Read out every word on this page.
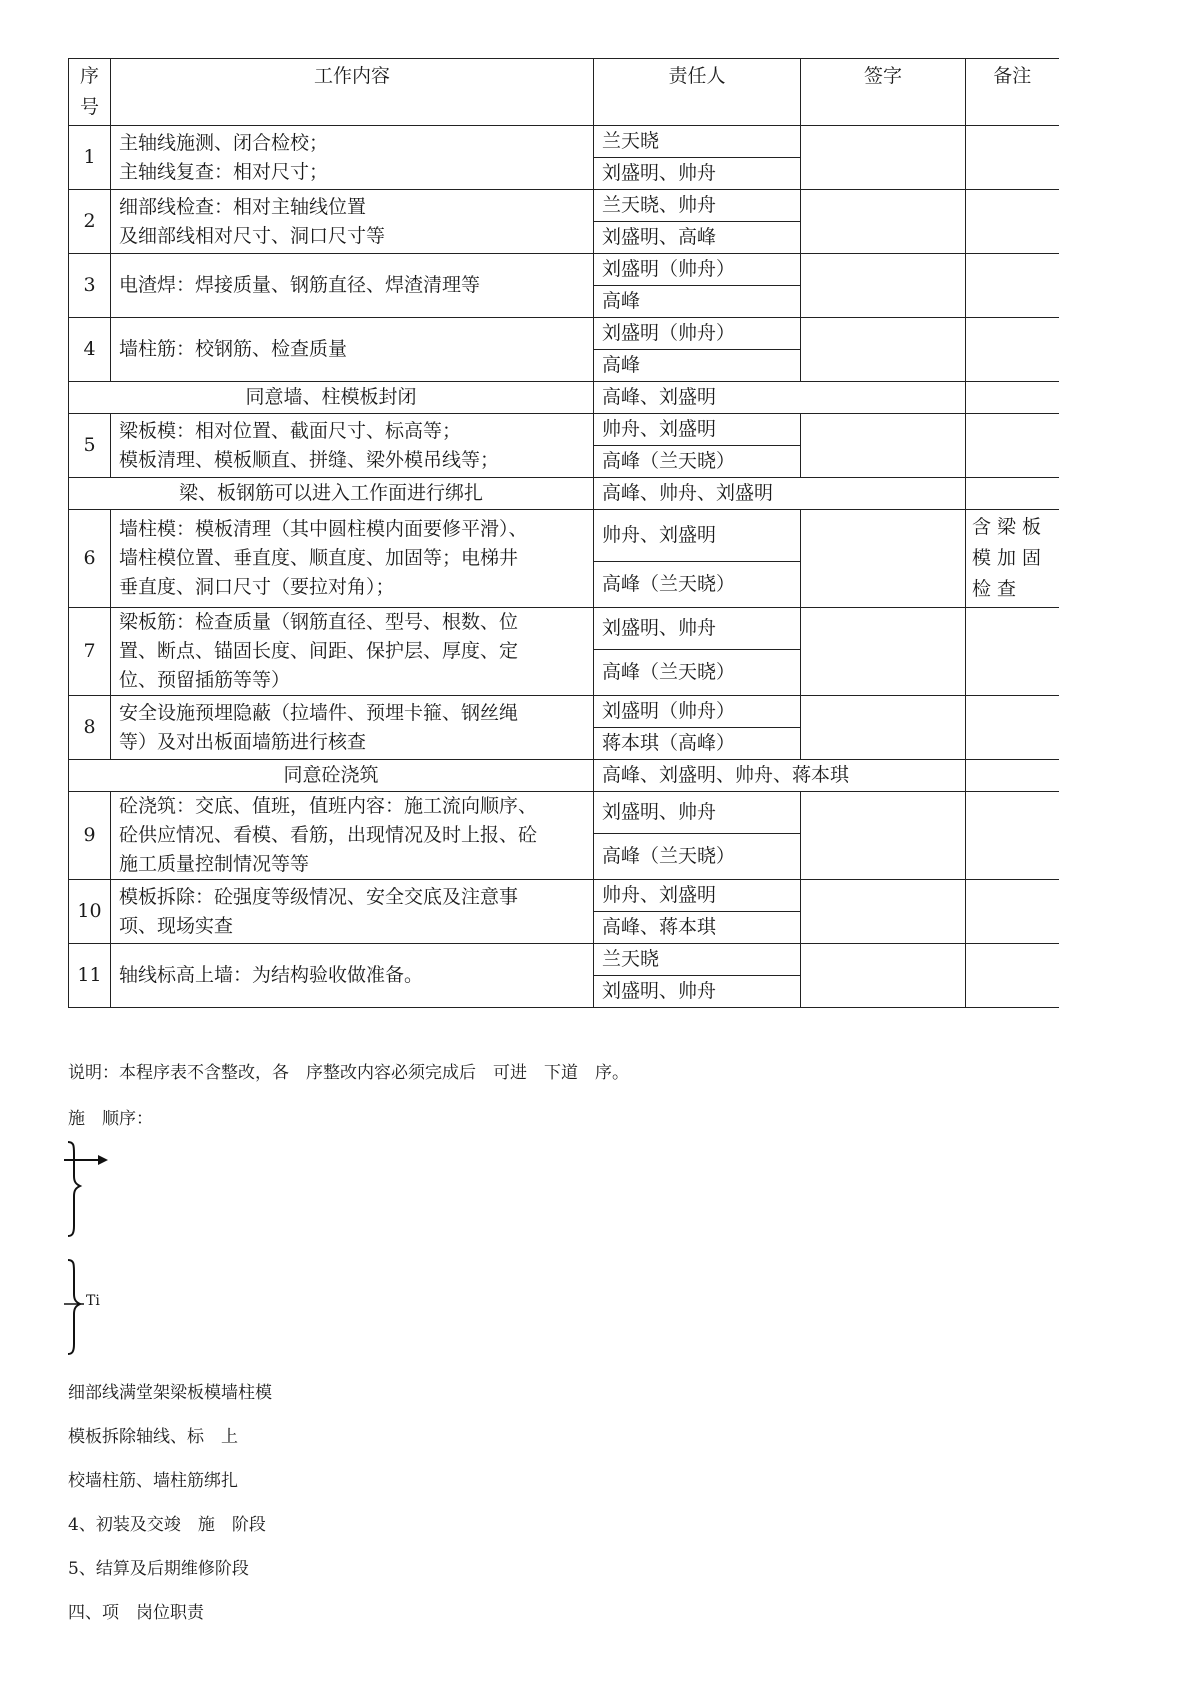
序号	工作内容	责任人	签字	备注
1	主轴线施测、闭合检校；
主轴线复查：相对尺寸；	兰天晓		
		刘盛明、帅舟		
2	细部线检查：相对主轴线位置
及细部线相对尺寸、洞口尺寸等	兰天晓、帅舟		
		刘盛明、高峰		
3	电渣焊：焊接质量、钢筋直径、焊渣清理等	刘盛明（帅舟）		
		高峰		
4	墙柱筋：校钢筋、检查质量	刘盛明（帅舟）		
		高峰		
同意墙、柱模板封闭		高峰、刘盛明		
5	梁板模：相对位置、截面尺寸、标高等；
模板清理、模板顺直、拼缝、梁外模吊线等；	帅舟、刘盛明		
		高峰（兰天晓）		
梁、板钢筋可以进入工作面进行绑扎		高峰、帅舟、刘盛明		
6	墙柱模：模板清理（其中圆柱模内面要修平滑）、
墙柱模位置、垂直度、顺直度、加固等；电梯井
垂直度、洞口尺寸（要拉对角）；	帅舟、刘盛明		含梁板模加固检查
		高峰（兰天晓）		
7	梁板筋：检查质量（钢筋直径、型号、根数、位
置、断点、锚固长度、间距、保护层、厚度、定
位、预留插筋等等）	刘盛明、帅舟		
		高峰（兰天晓）		
8	安全设施预埋隐蔽（拉墙件、预埋卡箍、钢丝绳
等）及对出板面墙筋进行核查	刘盛明（帅舟）		
		蒋本琪（高峰）		
同意砼浇筑		高峰、刘盛明、帅舟、蒋本琪		
9	砼浇筑：交底、值班，值班内容：施工流向顺序、
砼供应情况、看模、看筋，出现情况及时上报、砼
施工质量控制情况等等	刘盛明、帅舟		
		高峰（兰天晓）		
10	模板拆除：砼强度等级情况、安全交底及注意事
项、现场实查	帅舟、刘盛明		
		高峰、蒋本琪		
11	轴线标高上墙：为结构验收做准备。	兰天晓		
		刘盛明、帅舟		
说明：本程序表不含整改，各　序整改内容必须完成后　可进　下道　序。
施　顺序：
Ti
细部线满堂架梁板模墙柱模
模板拆除轴线、标　上
校墙柱筋、墙柱筋绑扎
4、初装及交竣　施　阶段
5、结算及后期维修阶段
四、项　岗位职责
